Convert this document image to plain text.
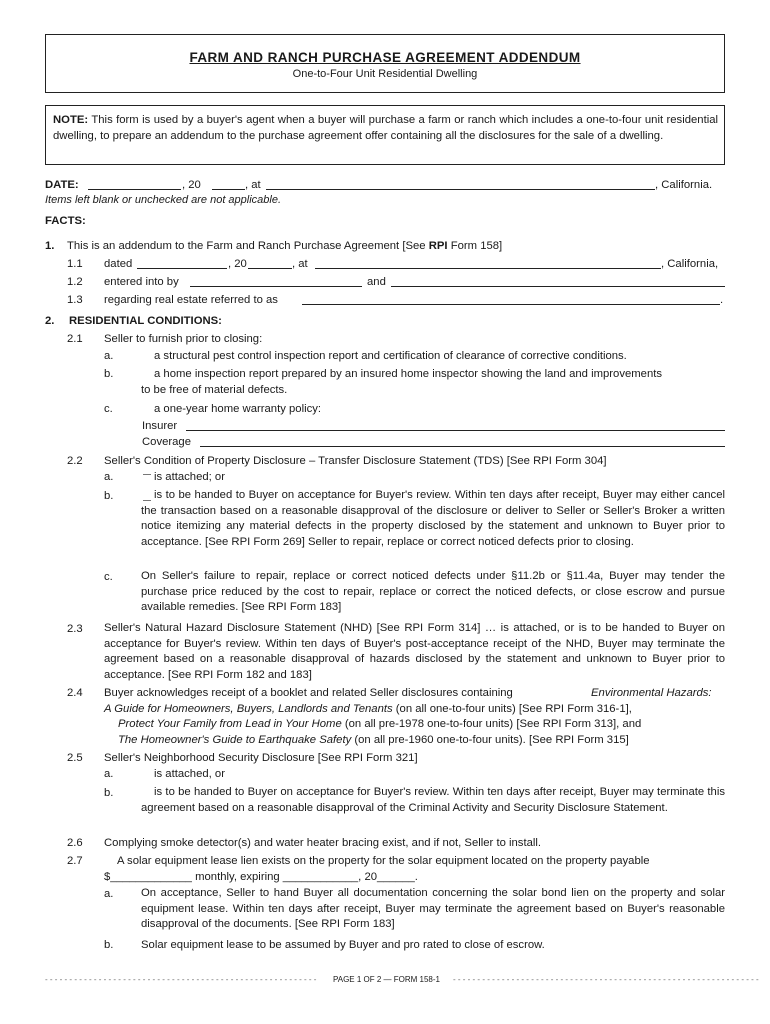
FARM AND RANCH PURCHASE AGREEMENT ADDENDUM
One-to-Four Unit Residential Dwelling
NOTE: This form is used by a buyer's agent when a buyer will purchase a farm or ranch which includes a one-to-four unit residential dwelling, to prepare an addendum to the purchase agreement offer containing all the disclosures for the sale of a dwelling.
DATE:	, 20	, at	, California.
Items left blank or unchecked are not applicable.
FACTS:
1. This is an addendum to the Farm and Ranch Purchase Agreement [See RPI Form 158]
1.1 dated	, 20	, at	, California,
1.2 entered into by	and
1.3 regarding real estate referred to as	.
2. RESIDENTIAL CONDITIONS:
2.1 Seller to furnish prior to closing:
a.	a structural pest control inspection report and certification of clearance of corrective conditions.
b.	a home inspection report prepared by an insured home inspector showing the land and improvements
to be free of material defects.
c.	a one-year home warranty policy:
Insurer
Coverage
2.2 Seller's Condition of Property Disclosure – Transfer Disclosure Statement (TDS) [See RPI Form 304]
a.	is attached; or
b.	is to be handed to Buyer on acceptance for Buyer's review. Within ten days after receipt, Buyer may either cancel the transaction based on a reasonable disapproval of the disclosure or deliver to Seller or Seller's Broker a written notice itemizing any material defects in the property disclosed by the statement and unknown to Buyer prior to acceptance. [See RPI Form 269] Seller to repair, replace or correct noticed defects prior to closing.
c. On Seller's failure to repair, replace or correct noticed defects under §11.2b or §11.4a, Buyer may tender the purchase price reduced by the cost to repair, replace or correct the noticed defects, or close escrow and pursue available remedies. [See RPI Form 183]
2.3 Seller's Natural Hazard Disclosure Statement (NHD) [See RPI Form 314] … is attached, or is to be handed to Buyer on acceptance for Buyer's review. Within ten days of Buyer's post-acceptance receipt of the NHD, Buyer may terminate the agreement based on a reasonable disapproval of hazards disclosed by the statement and unknown to Buyer prior to acceptance. [See RPI Form 182 and 183]
2.4 Buyer acknowledges receipt of a booklet and related Seller disclosures containing	Environmental Hazards:
A Guide for Homeowners, Buyers, Landlords and Tenants (on all one-to-four units) [See RPI Form 316-1],
Protect Your Family from Lead in Your Home (on all pre-1978 one-to-four units) [See RPI Form 313], and
The Homeowner's Guide to Earthquake Safety (on all pre-1960 one-to-four units). [See RPI Form 315]
2.5 Seller's Neighborhood Security Disclosure [See RPI Form 321]
a.	is attached, or
b.	is to be handed to Buyer on acceptance for Buyer's review. Within ten days after receipt, Buyer may terminate this agreement based on a reasonable disapproval of the Criminal Activity and Security Disclosure Statement.
2.6 Complying smoke detector(s) and water heater bracing exist, and if not, Seller to install.
2.7	A solar equipment lease lien exists on the property for the solar equipment located on the property payable
$_____________ monthly, expiring ____________, 20______.
a. On acceptance, Seller to hand Buyer all documentation concerning the solar bond lien on the property and solar equipment lease. Within ten days after receipt, Buyer may terminate the agreement based on Buyer's reasonable disapproval of the documents. [See RPI Form 183]
b. Solar equipment lease to be assumed by Buyer and pro rated to close of escrow.
- - - - - - - - - - - - - - - - - - - - - - - - - - - - - - - - - - - - - - - - - - - - - - - - - - - - - - - -	PAGE 1 OF 2 — FORM 158-1 - - - - - - - - - - - - - - - - - - - - - - - - - - - - - - - - - - - - - - - - - - - - - - - - - - - - - - - - - - - - - - -
